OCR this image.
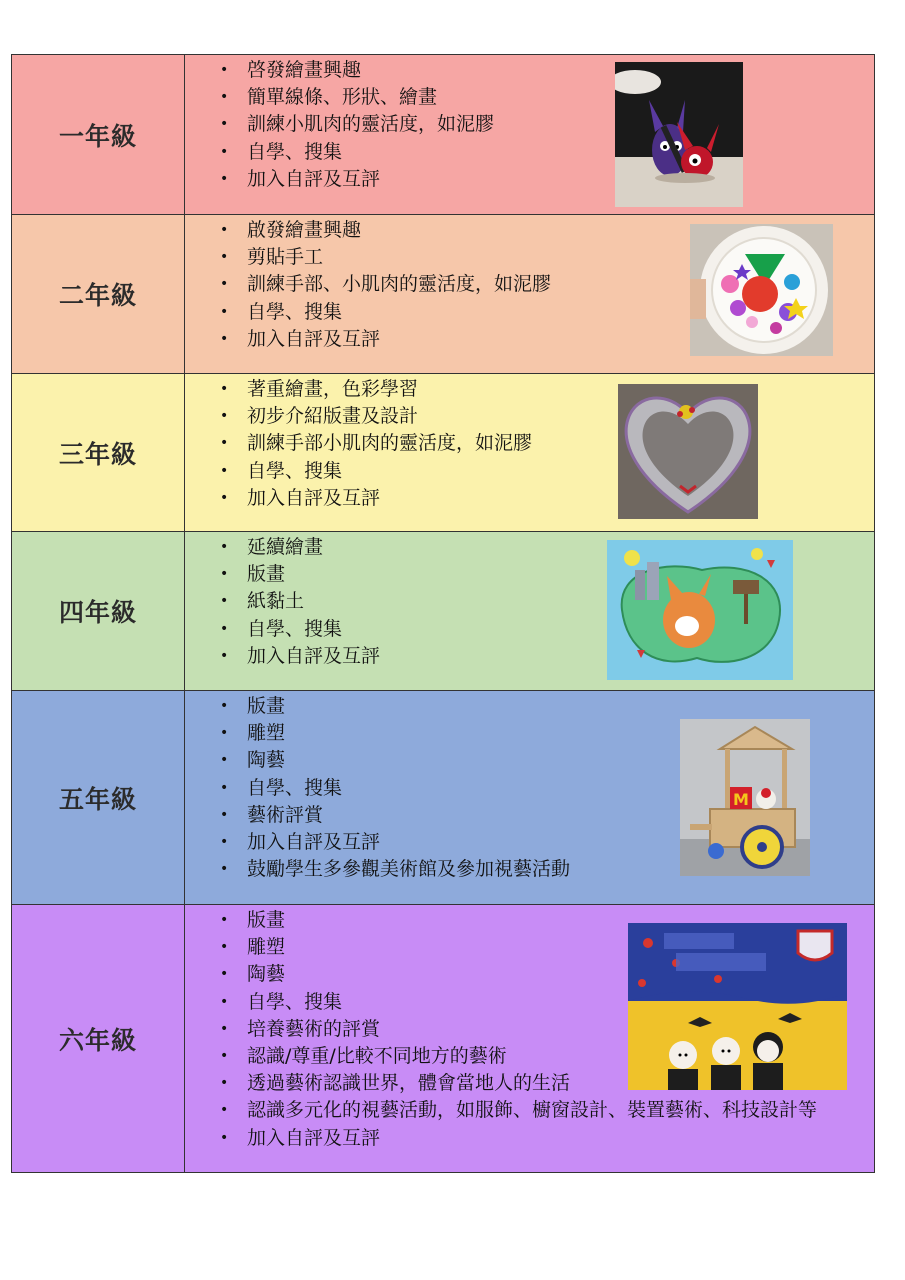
一年級
• 啓發繪畫興趣
• 簡單線條、形狀、繪畫
• 訓練小肌肉的靈活度，如泥膠
• 自學、搜集
• 加入自評及互評
二年級
• 啟發繪畫興趣
• 剪貼手工
• 訓練手部、小肌肉的靈活度，如泥膠
• 自學、搜集
• 加入自評及互評
三年級
• 著重繪畫，色彩學習
• 初步介紹版畫及設計
• 訓練手部小肌肉的靈活度，如泥膠
• 自學、搜集
• 加入自評及互評
四年級
• 延續繪畫
• 版畫
• 紙黏土
• 自學、搜集
• 加入自評及互評
五年級
• 版畫
• 雕塑
• 陶藝
• 自學、搜集
• 藝術評賞
• 加入自評及互評
• 鼓勵學生多參觀美術館及參加視藝活動
M
六年級
• 版畫
• 雕塑
• 陶藝
• 自學、搜集
• 培養藝術的評賞
• 認識/尊重/比較不同地方的藝術
• 透過藝術認識世界，體會當地人的生活
• 認識多元化的視藝活動，如服飾、櫥窗設計、裝置藝術、科技設計等
• 加入自評及互評
